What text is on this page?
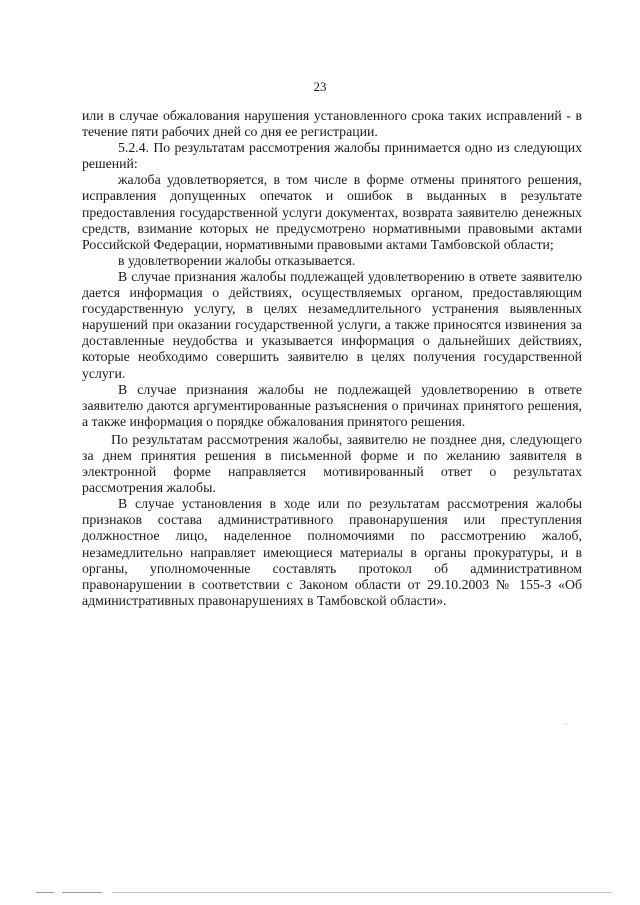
23

или в случае обжалования нарушения установленного срока таких исправлений - в течение пяти рабочих дней со дня ее регистрации.

5.2.4. По результатам рассмотрения жалобы принимается одно из следующих решений:

жалоба удовлетворяется, в том числе в форме отмены принятого решения, исправления допущенных опечаток и ошибок в выданных в результате предоставления государственной услуги документах, возврата заявителю денежных средств, взимание которых не предусмотрено нормативными правовыми актами Российской Федерации, нормативными правовыми актами Тамбовской области;

в удовлетворении жалобы отказывается.

В случае признания жалобы подлежащей удовлетворению в ответе заявителю дается информация о действиях, осуществляемых органом, предоставляющим государственную услугу, в целях незамедлительного устранения выявленных нарушений при оказании государственной услуги, а также приносятся извинения за доставленные неудобства и указывается информация о дальнейших действиях, которые необходимо совершить заявителю в целях получения государственной услуги.

В случае признания жалобы не подлежащей удовлетворению в ответе заявителю даются аргументированные разъяснения о причинах принятого решения, а также информация о порядке обжалования принятого решения.

По результатам рассмотрения жалобы, заявителю не позднее дня, следующего за днем принятия решения в письменной форме и по желанию заявителя в электронной форме направляется мотивированный ответ о результатах рассмотрения жалобы.

В случае установления в ходе или по результатам рассмотрения жалобы признаков состава административного правонарушения или преступления должностное лицо, наделенное полномочиями по рассмотрению жалоб, незамедлительно направляет имеющиеся материалы в органы прокуратуры, и в органы, уполномоченные составлять протокол об административном правонарушении в соответствии с Законом области от 29.10.2003 № 155-З «Об административных правонарушениях в Тамбовской области».
